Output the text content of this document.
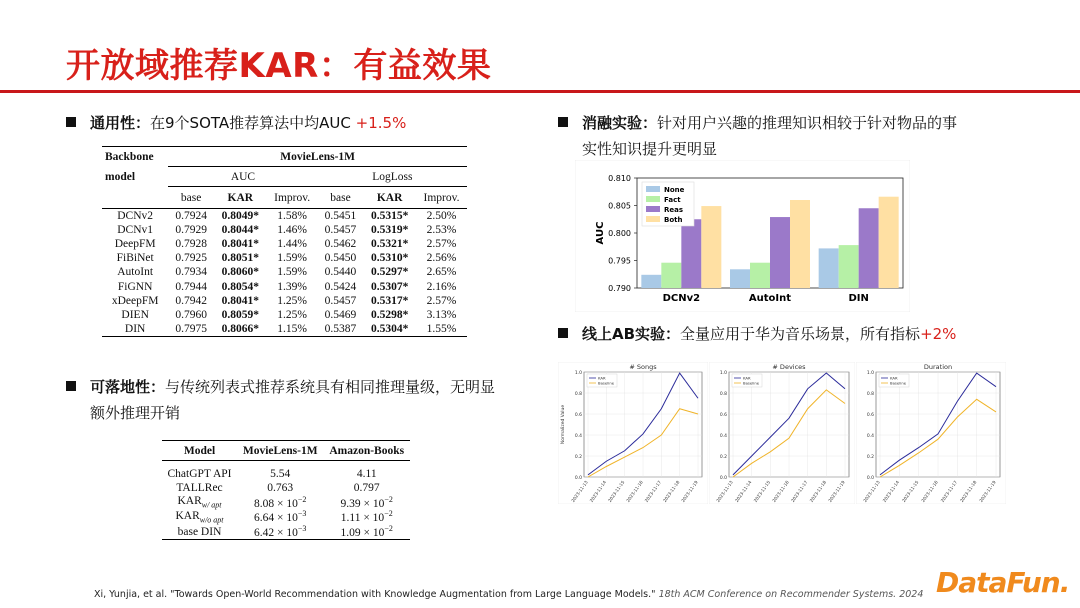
开放域推荐KAR：有益效果
通用性：在9个SOTA推荐算法中均AUC +1.5%
Backbone	MovieLens-1M					
model	AUC			LogLoss		
	base	KAR	Improv.	base	KAR	Improv.
DCNv2	0.7924	0.8049*	1.58%	0.5451	0.5315*	2.50%
DCNv1	0.7929	0.8044*	1.46%	0.5457	0.5319*	2.53%
DeepFM	0.7928	0.8041*	1.44%	0.5462	0.5321*	2.57%
FiBiNet	0.7925	0.8051*	1.59%	0.5450	0.5310*	2.56%
AutoInt	0.7934	0.8060*	1.59%	0.5440	0.5297*	2.65%
FiGNN	0.7944	0.8054*	1.39%	0.5424	0.5307*	2.16%
xDeepFM	0.7942	0.8041*	1.25%	0.5457	0.5317*	2.57%
DIEN	0.7960	0.8059*	1.25%	0.5469	0.5298*	3.13%
DIN	0.7975	0.8066*	1.15%	0.5387	0.5304*	1.55%
可落地性：与传统列表式推荐系统具有相同推理量级，无明显
额外推理开销
Model	MovieLens-1M	Amazon-Books

ChatGPT API	5.54	4.11
TALLRec	0.763	0.797
$KAR_{w/ apt}$	$8.08 \times 10^{-2}$	$9.39 \times 10^{-2}$
$KAR_{w/o apt}$	$6.64 \times 10^{-3}$	$1.11 \times 10^{-2}$
base DIN	$6.42 \times 10^{-3}$	$1.09 \times 10^{-2}$
消融实验：针对用户兴趣的推理知识相较于针对物品的事
实性知识提升更明显
0.790
0.795
0.800
0.805
0.810
AUC
DCNv2	AutoInt	DIN
None
Fact
Reas
Both
线上AB实验：全量应用于华为音乐场景，所有指标+2%
# Songs
0.0
0.2
0.4
0.6
0.8
1.0
2023-11-13 2023-11-14 2023-11-15 2023-11-16 2023-11-17 2023-11-18 2023-11-19
Normalized Value
KAR
Baseline
# Devices
0.0
0.2
0.4
0.6
0.8
1.0
2023-11-13 2023-11-14 2023-11-15 2023-11-16 2023-11-17 2023-11-18 2023-11-19
KAR
Baseline
Duration
0.0
0.2
0.4
0.6
0.8
1.0
2023-11-13 2023-11-14 2023-11-15 2023-11-16 2023-11-17 2023-11-18 2023-11-19
KAR
Baseline
Xi, Yunjia, et al. "Towards Open-World Recommendation with Knowledge Augmentation from Large Language Models." 18th ACM Conference on Recommender Systems. 2024 DataFun.
